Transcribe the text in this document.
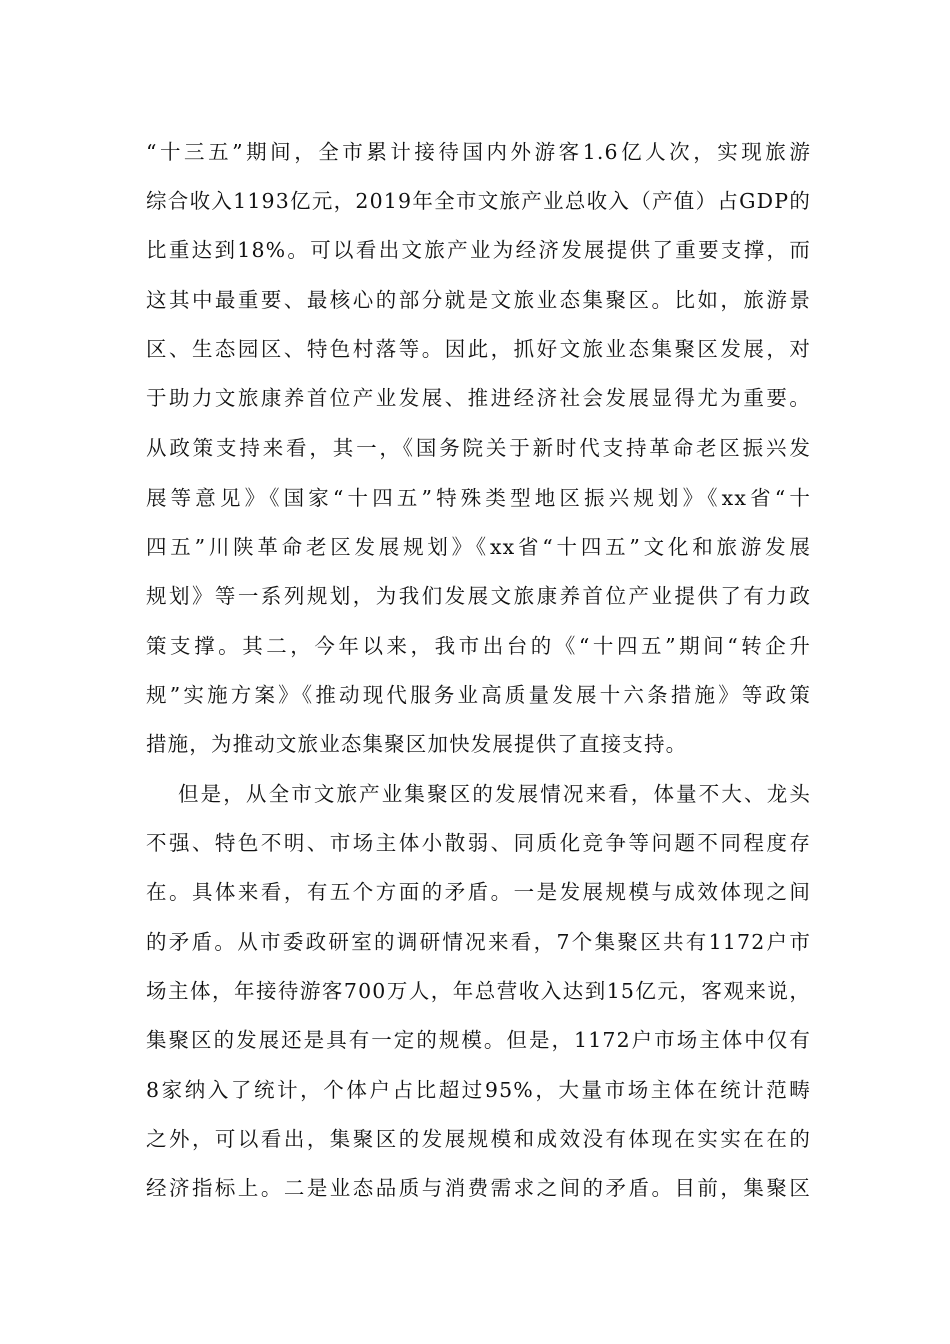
“十三五”期间，全市累计接待国内外游客1.6亿人次，实现旅游
综合收入1193亿元，2019年全市文旅产业总收入（产值）占GDP的
比重达到18%。可以看出文旅产业为经济发展提供了重要支撑，而
这其中最重要、最核心的部分就是文旅业态集聚区。比如，旅游景
区、生态园区、特色村落等。因此，抓好文旅业态集聚区发展，对
于助力文旅康养首位产业发展、推进经济社会发展显得尤为重要。
从政策支持来看，其一，《国务院关于新时代支持革命老区振兴发
展等意见》《国家“十四五”特殊类型地区振兴规划》《xx省“十
四五”川陕革命老区发展规划》《xx省“十四五”文化和旅游发展
规划》等一系列规划，为我们发展文旅康养首位产业提供了有力政
策支撑。其二，今年以来，我市出台的《“十四五”期间“转企升
规”实施方案》《推动现代服务业高质量发展十六条措施》等政策
措施，为推动文旅业态集聚区加快发展提供了直接支持。
但是，从全市文旅产业集聚区的发展情况来看，体量不大、龙头
不强、特色不明、市场主体小散弱、同质化竞争等问题不同程度存
在。具体来看，有五个方面的矛盾。一是发展规模与成效体现之间
的矛盾。从市委政研室的调研情况来看，7个集聚区共有1172户市
场主体，年接待游客700万人，年总营收入达到15亿元，客观来说，
集聚区的发展还是具有一定的规模。但是，1172户市场主体中仅有
8家纳入了统计，个体户占比超过95%，大量市场主体在统计范畴
之外，可以看出，集聚区的发展规模和成效没有体现在实实在在的
经济指标上。二是业态品质与消费需求之间的矛盾。目前，集聚区
